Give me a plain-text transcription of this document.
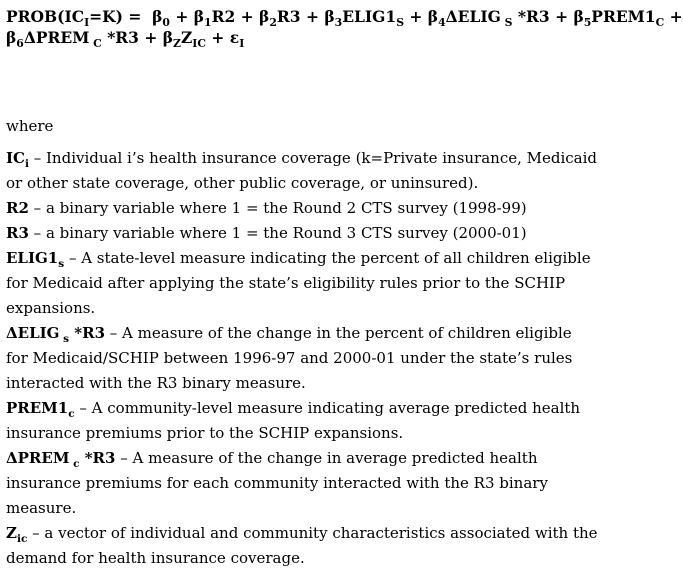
$PROB(IC_I=K) = \beta_0 + \beta_1R2 + \beta_2R3$ + $\beta_3ELIG1_S$ + $\beta_4\Delta ELIG$ $_S$ $*R3 + \beta_5PREM1_C$ +
$\beta_6\Delta PREM$ $_C$ $*R3 + \beta_ZZ_{IC} + \varepsilon_I$
where
$IC_i$ – Individual i’s health insurance coverage (k=Private insurance, Medicaid or other state coverage, other public coverage, or uninsured).
R2 – a binary variable where 1 = the Round 2 CTS survey (1998-99)
R3 – a binary variable where 1 = the Round 3 CTS survey (2000-01)
$ELIG1_s$ – A state-level measure indicating the percent of all children eligible for Medicaid after applying the state’s eligibility rules prior to the SCHIP expansions.
ΔELIG $_s$ *R3 – A measure of the change in the percent of children eligible for Medicaid/SCHIP between 1996-97 and 2000-01 under the state’s rules interacted with the R3 binary measure.
$PREM1_c$ – A community-level measure indicating average predicted health insurance premiums prior to the SCHIP expansions.
ΔPREM $_c$ *R3 – A measure of the change in average predicted health insurance premiums for each community interacted with the R3 binary measure.
$Z_{ic}$ – a vector of individual and community characteristics associated with the demand for health insurance coverage.
